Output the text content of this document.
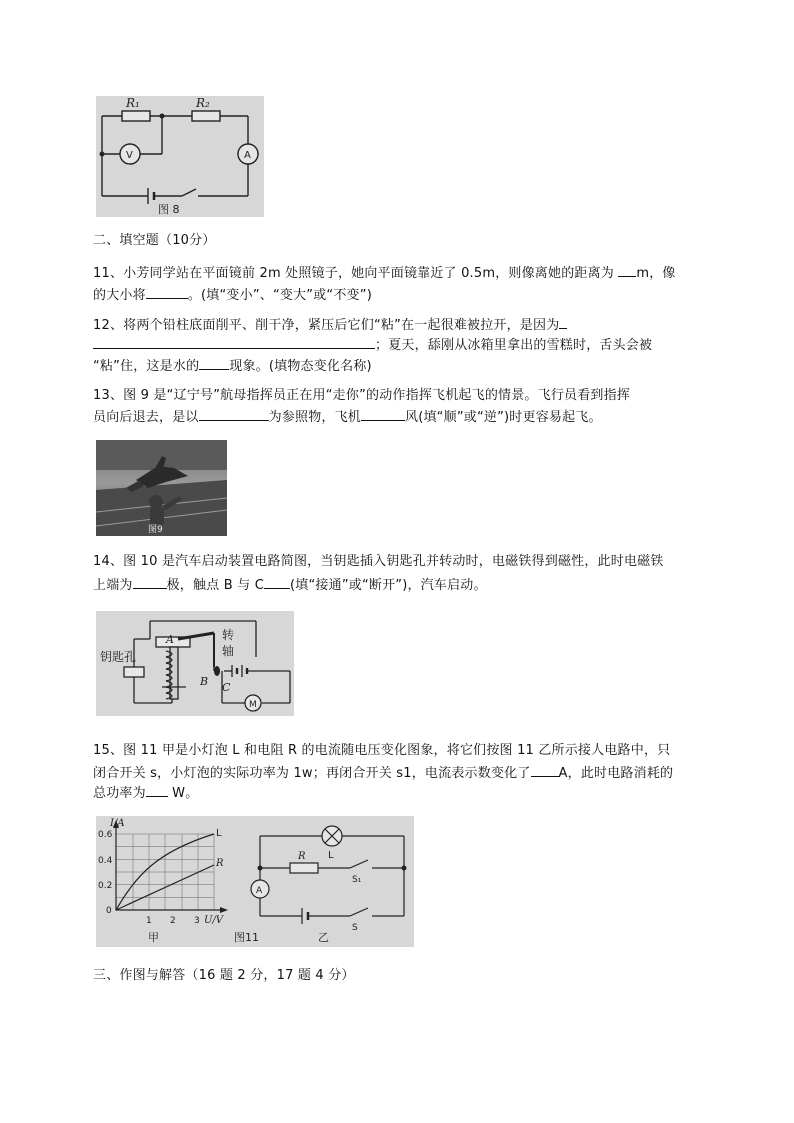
R₁	R₂
V	A
图 8
二、填空题（10分）
11、小芳同学站在平面镜前 2m 处照镜子，她向平面镜靠近了 0.5m，则像离她的距离为 m，像
的大小将	。(填“变小”、“变大”或“不变”)
12、将两个铅柱底面削平、削干净，紧压后它们“粘”在一起很难被拉开，是因为
；夏天，舔刚从冰箱里拿出的雪糕时，舌头会被
“粘”住，这是水的 现象。(填物态变化名称)
13、图 9 是“辽宁号”航母指挥员正在用“走你”的动作指挥飞机起飞的情景。飞行员看到指挥
员向后退去，是以	为参照物，飞机	风(填“顺”或“逆”)时更容易起飞。
图9
14、图 10 是汽车启动装置电路简图，当钥匙插入钥匙孔并转动时，电磁铁得到磁性，此时电磁铁
上端为	极，触点 B 与 C (填“接通”或“断开”)，汽车启动。
钥匙孔
A
B C
转
轴
M
15、图 11 甲是小灯泡 L 和电阻 R 的电流随电压变化图象，将它们按图 11 乙所示接人电路中，只
闭合开关 s，小灯泡的实际功率为 1w；再闭合开关 s1，电流表示数变化了 A，此时电路消耗的
总功率为 W。
I/A
0.6
0.4
0.2
0
1 2 3 U/V
L
R
甲	图11	乙
L
R
S₁
S
A
三、作图与解答（16 题 2 分，17 题 4 分）
